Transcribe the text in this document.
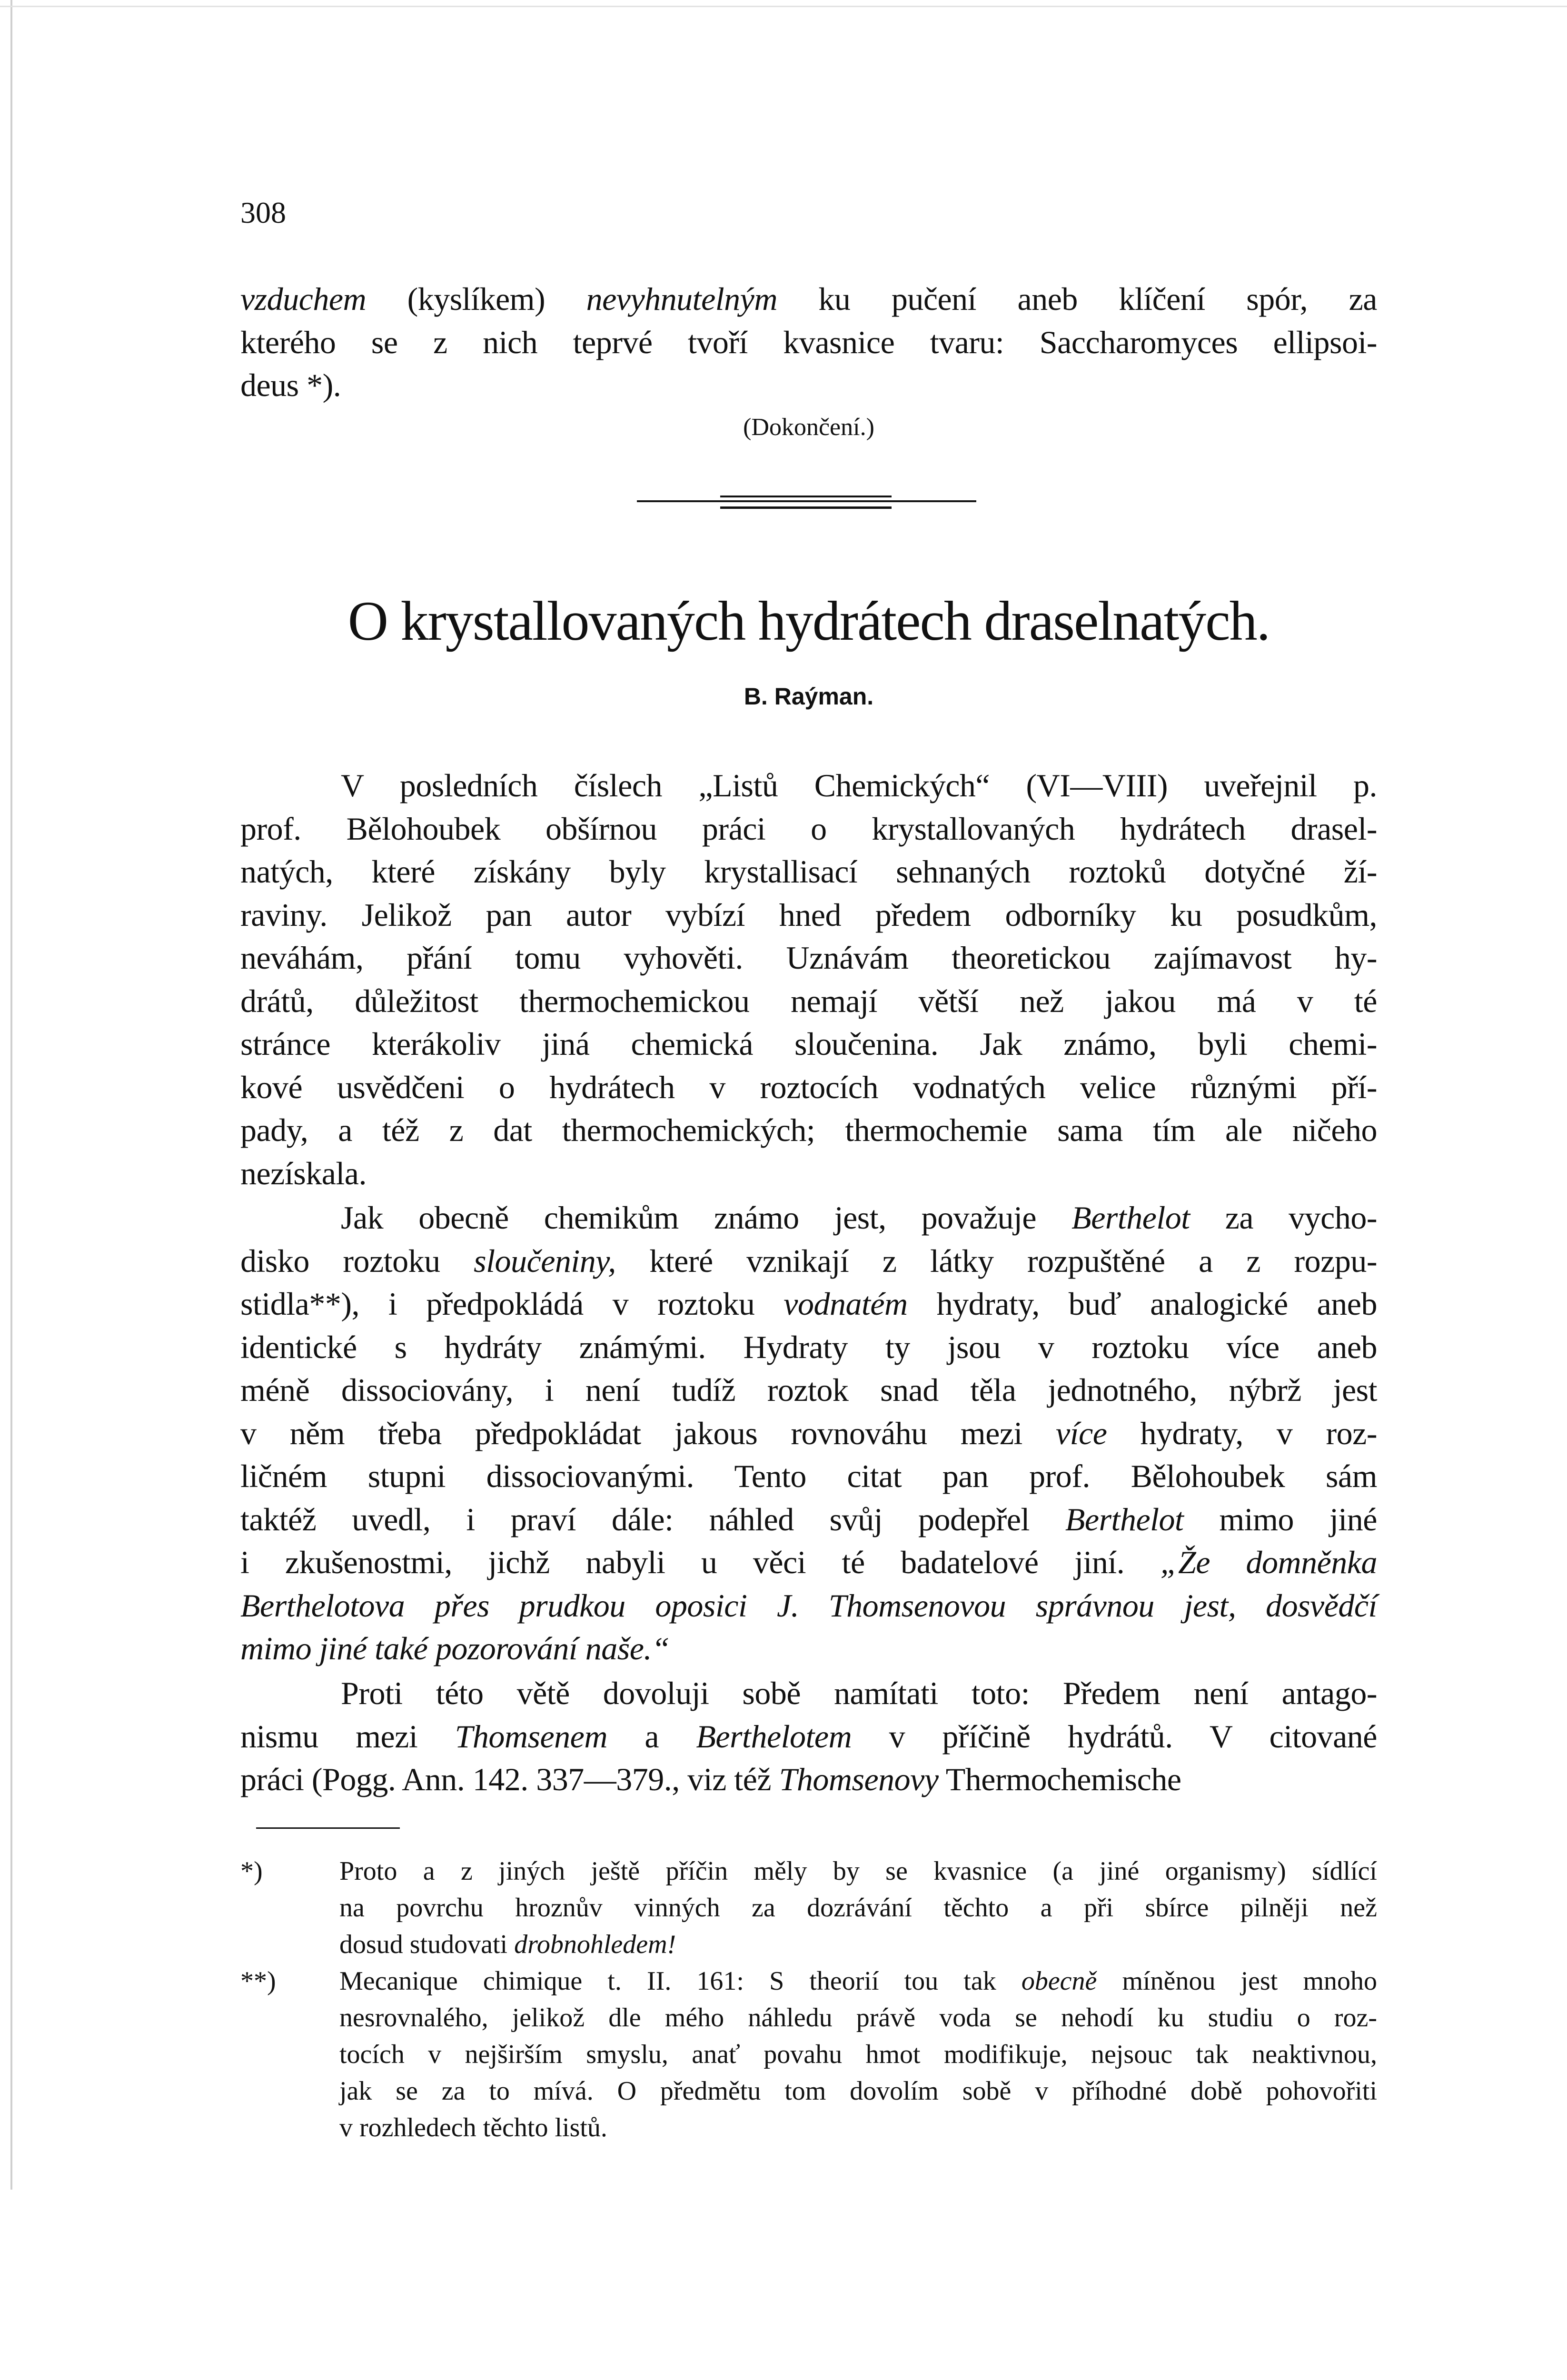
308
vzduchem (kyslíkem) nevyhnutelným ku pučení aneb klíčení spór, za
kterého se z nich teprvé tvoří kvasnice tvaru: Saccharomyces ellipsoi-
deus *).
(Dokončení.)
O krystallovaných hydrátech draselnatých.
B. Raýman.
V posledních číslech „Listů Chemických“ (VI—VIII) uveřejnil p.
prof. Bělohoubek obšírnou práci o krystallovaných hydrátech drasel-
natých, které získány byly krystallisací sehnaných roztoků dotyčné ží-
raviny. Jelikož pan autor vybízí hned předem odborníky ku posudkům,
neváhám, přání tomu vyhověti. Uznávám theoretickou zajímavost hy-
drátů, důležitost thermochemickou nemají větší než jakou má v té
stránce kterákoliv jiná chemická sloučenina. Jak známo, byli chemi-
kové usvědčeni o hydrátech v roztocích vodnatých velice různými pří-
pady, a též z dat thermochemických; thermochemie sama tím ale ničeho
nezískala.
Jak obecně chemikům známo jest, považuje Berthelot za vycho-
disko roztoku sloučeniny, které vznikají z látky rozpuštěné a z rozpu-
stidla**), i předpokládá v roztoku vodnatém hydraty, buď analogické aneb
identické s hydráty známými. Hydraty ty jsou v roztoku více aneb
méně dissociovány, i není tudíž roztok snad těla jednotného, nýbrž jest
v něm třeba předpokládat jakous rovnováhu mezi více hydraty, v roz-
ličném stupni dissociovanými. Tento citat pan prof. Bělohoubek sám
taktéž uvedl, i praví dále: náhled svůj podepřel Berthelot mimo jiné
i zkušenostmi, jichž nabyli u věci té badatelové jiní. „Že domněnka
Berthelotova přes prudkou oposici J. Thomsenovou správnou jest, dosvědčí
mimo jiné také pozorování naše.“
Proti této větě dovoluji sobě namítati toto: Předem není antago-
nismu mezi Thomsenem a Berthelotem v příčině hydrátů. V citované
práci (Pogg. Ann. 142. 337—379., viz též Thomsenovy Thermochemische
*)	Proto a z jiných ještě příčin měly by se kvasnice (a jiné organismy) sídlící
na povrchu hroznův vinných za dozrávání těchto a při sbírce pilněji než
dosud studovati drobnohledem!
**)	Mecanique chimique t. II. 161: S theorií tou tak obecně míněnou jest mnoho
nesrovnalého, jelikož dle mého náhledu právě voda se nehodí ku studiu o roz-
tocích v nejširším smyslu, anať povahu hmot modifikuje, nejsouc tak neaktivnou,
jak se za to mívá. O předmětu tom dovolím sobě v příhodné době pohovořiti
v rozhledech těchto listů.
